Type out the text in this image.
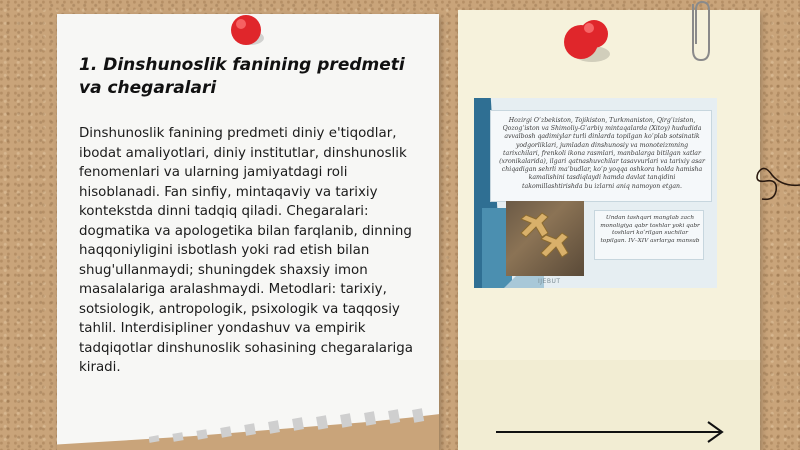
1. Dinshunoslik fanining predmeti va chegaralari
Dinshunoslik fanining predmeti diniy e'tiqodlar, ibodat amaliyotlari, diniy institutlar, dinshunoslik fenomenlari va ularning jamiyatdagi roli hisoblanadi. Fan sinfiy, mintaqaviy va tarixiy kontekstda dinni tadqiq qiladi. Chegaralari: dogmatika va apologetika bilan farqlanib, dinning haqqoniyligini isbotlash yoki rad etish bilan shug'ullanmaydi; shuningdek shaxsiy imon masalalariga aralashmaydi. Metodlari: tarixiy, sotsiologik, antropologik, psixologik va taqqosiy tahlil. Interdisipliner yondashuv va empirik tadqiqotlar dinshunoslik sohasining chegaralariga kiradi.
Hozirgi O‘zbekiston, Tojikiston, Turkmaniston, Qirg‘iziston, Qozog‘iston va Shimoliy-G‘arbiy mintaqalarda (Xitoy) hududida avvalbosh qadimiylar turli dinlarda topilgan ko‘plab sotsinatik yodgorliklari, jumladan dinshunosiy va monoteizmning tarixchilari, frenkoli ikona rasmlari, manbalarga bitilgan xatlar (xronikalarida), ilgari qatnashuvchilar tasavvurlari va tarixiy asar chiqadigan sehrli ma‘budlar, ko‘p yoqqa oshkora holda hamisha kamalishini tasdiqlaydi hamda davlat tanqidini takomillashtirishda bu izlarni aniq namoyon etgan.
Undan tashqari manglab zach monoligiya qabr toshlar yoki qabr toshlari ko‘rilgan suchilar topilgan. IV–XIV asrlarga mansub
IJEBUT
